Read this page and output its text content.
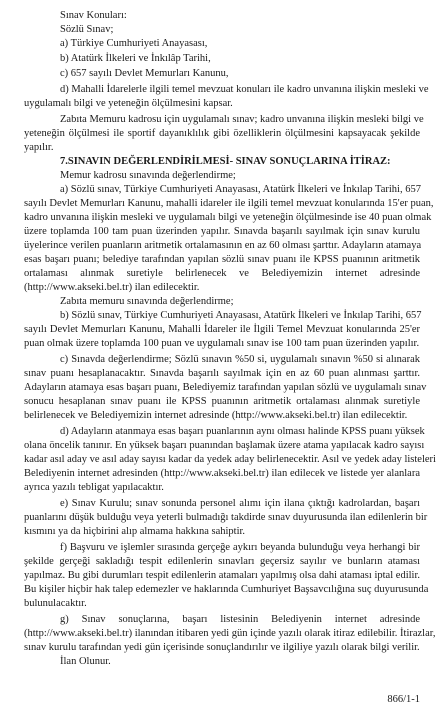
Sınav Konuları:
Sözlü Sınav;
a) Türkiye Cumhuriyeti Anayasası,
b) Atatürk İlkeleri ve İnkılâp Tarihi,
c) 657 sayılı Devlet Memurları Kanunu,
d) Mahalli İdarelerle ilgili temel mevzuat konuları ile kadro unvanına ilişkin mesleki ve
uygulamalı bilgi ve yeteneğin ölçülmesini kapsar.
Zabıta Memuru kadrosu için uygulamalı sınav; kadro unvanına ilişkin mesleki bilgi ve
yeteneğin ölçülmesi ile sportif dayanıklılık gibi özelliklerin ölçülmesini kapsayacak şekilde
yapılır.
7.SINAVIN DEĞERLENDİRİLMESİ- SINAV SONUÇLARINA İTİRAZ:
Memur kadrosu sınavında değerlendirme;
a) Sözlü sınav, Türkiye Cumhuriyeti Anayasası, Atatürk İlkeleri ve İnkılap Tarihi, 657
sayılı Devlet Memurları Kanunu, mahalli idareler ile ilgili temel mevzuat konularında 15'er puan,
kadro unvanına ilişkin mesleki ve uygulamalı bilgi ve yeteneğin ölçülmesinde ise 40 puan olmak
üzere toplamda 100 tam puan üzerinden yapılır. Sınavda başarılı sayılmak için sınav kurulu
üyelerince verilen puanların aritmetik ortalamasının en az 60 olması şarttır. Adayların atamaya
esas başarı puanı; belediye tarafından yapılan sözlü sınav puanı ile KPSS puanının aritmetik
ortalaması alınmak suretiyle belirlenecek ve Belediyemizin internet adresinde
(http://www.akseki.bel.tr) ilan edilecektir.
Zabıta memuru sınavında değerlendirme;
b) Sözlü sınav, Türkiye Cumhuriyeti Anayasası, Atatürk İlkeleri ve İnkılap Tarihi, 657
sayılı Devlet Memurları Kanunu, Mahalli İdareler ile İlgili Temel Mevzuat konularında 25'er
puan olmak üzere toplamda 100 puan ve uygulamalı sınav ise 100 tam puan üzerinden yapılır.
c) Sınavda değerlendirme; Sözlü sınavın %50 si, uygulamalı sınavın %50 si alınarak
sınav puanı hesaplanacaktır. Sınavda başarılı sayılmak için en az 60 puan alınması şarttır.
Adayların atamaya esas başarı puanı, Belediyemiz tarafından yapılan sözlü ve uygulamalı sınav
sonucu hesaplanan sınav puanı ile KPSS puanının aritmetik ortalaması alınmak suretiyle
belirlenecek ve Belediyemizin internet adresinde (http://www.akseki.bel.tr) ilan edilecektir.
d) Adayların atanmaya esas başarı puanlarının aynı olması halinde KPSS puanı yüksek
olana öncelik tanınır. En yüksek başarı puanından başlamak üzere atama yapılacak kadro sayısı
kadar asıl aday ve asıl aday sayısı kadar da yedek aday belirlenecektir. Asıl ve yedek aday listeleri
Belediyenin internet adresinden (http://www.akseki.bel.tr) ilan edilecek ve listede yer alanlara
ayrıca yazılı tebligat yapılacaktır.
e) Sınav Kurulu; sınav sonunda personel alımı için ilana çıktığı kadrolardan, başarı
puanlarını düşük bulduğu veya yeterli bulmadığı takdirde sınav duyurusunda ilan edilenlerin bir
kısmını ya da hiçbirini alıp almama hakkına sahiptir.
f) Başvuru ve işlemler sırasında gerçeğe aykırı beyanda bulunduğu veya herhangi bir
şekilde gerçeği sakladığı tespit edilenlerin sınavları geçersiz sayılır ve bunların ataması
yapılmaz. Bu gibi durumları tespit edilenlerin atamaları yapılmış olsa dahi ataması iptal edilir.
Bu kişiler hiçbir hak talep edemezler ve haklarında Cumhuriyet Başsavcılığına suç duyurusunda
bulunulacaktır.
g) Sınav sonuçlarına, başarı listesinin Belediyenin internet adresinde
(http://www.akseki.bel.tr) ilanından itibaren yedi gün içinde yazılı olarak itiraz edilebilir. İtirazlar,
sınav kurulu tarafından yedi gün içerisinde sonuçlandırılır ve ilgiliye yazılı olarak bilgi verilir.
İlan Olunur.
866/1-1
